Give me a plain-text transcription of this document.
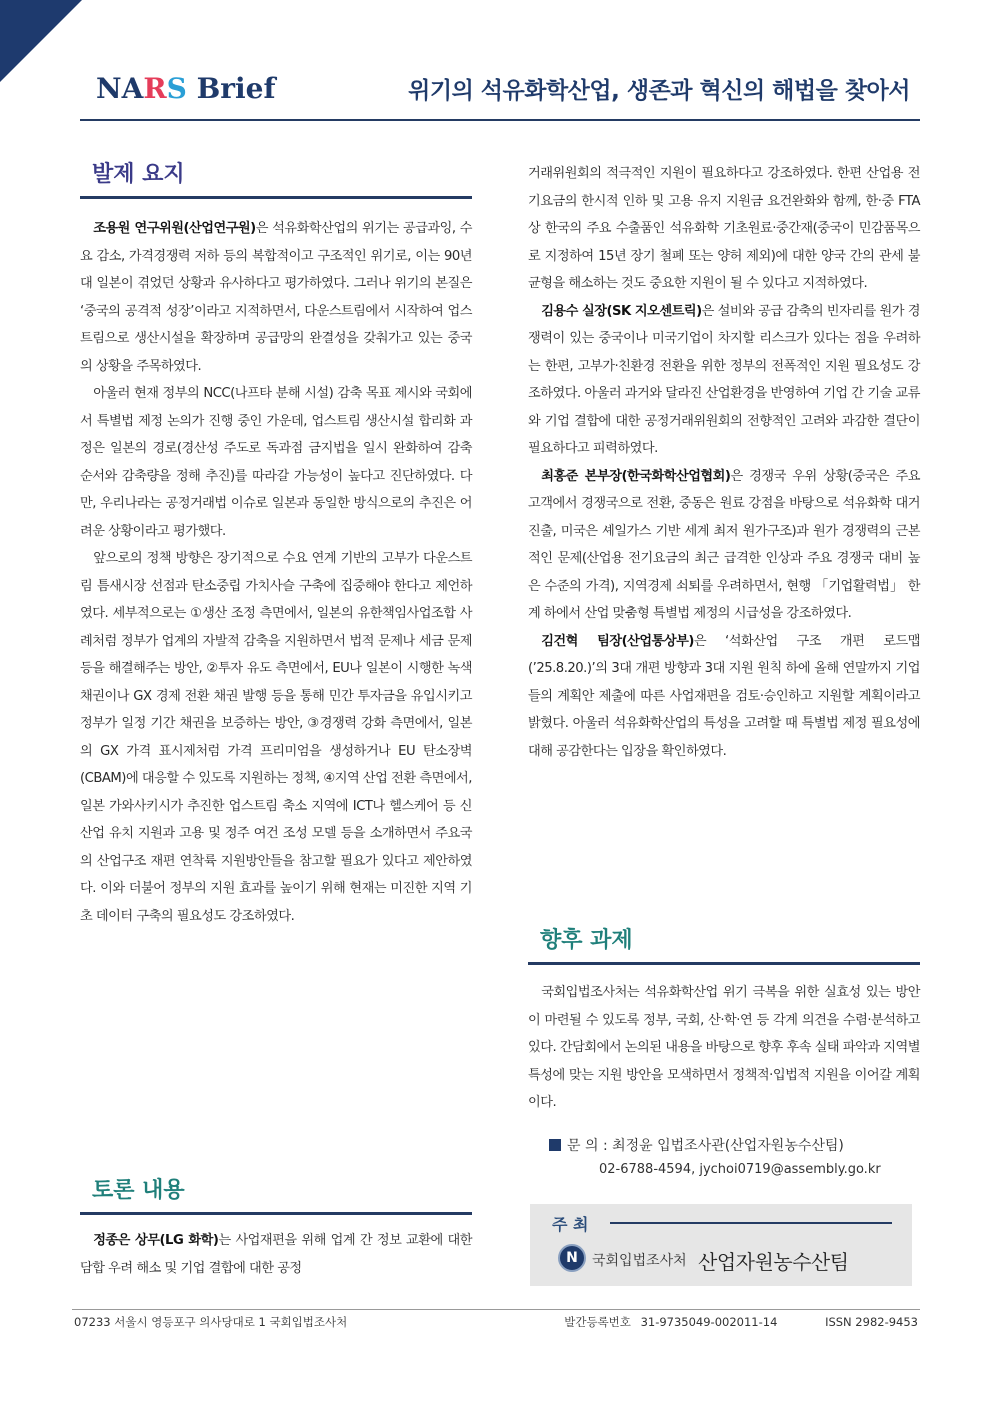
NARS Brief	위기의 석유화학산업, 생존과 혁신의 해법을 찾아서
발제 요지

조용원 연구위원(산업연구원)은 석유화학산업의 위기는 공급과잉, 수요 감소, 가격경쟁력 저하 등의 복합적이고 구조적인 위기로, 이는 90년대 일본이 겪었던 상황과 유사하다고 평가하였다. 그러나 위기의 본질은 ‘중국의 공격적 성장’이라고 지적하면서, 다운스트림에서 시작하여 업스트림으로 생산시설을 확장하며 공급망의 완결성을 갖춰가고 있는 중국의 상황을 주목하였다.

아울러 현재 정부의 NCC(나프타 분해 시설) 감축 목표 제시와 국회에서 특별법 제정 논의가 진행 중인 가운데, 업스트림 생산시설 합리화 과정은 일본의 경로(경산성 주도로 독과점 금지법을 일시 완화하여 감축 순서와 감축량을 정해 추진)를 따라갈 가능성이 높다고 진단하였다. 다만, 우리나라는 공정거래법 이슈로 일본과 동일한 방식으로의 추진은 어려운 상황이라고 평가했다.

앞으로의 정책 방향은 장기적으로 수요 연계 기반의 고부가 다운스트림 틈새시장 선점과 탄소중립 가치사슬 구축에 집중해야 한다고 제언하였다. 세부적으로는 ①생산 조정 측면에서, 일본의 유한책임사업조합 사례처럼 정부가 업계의 자발적 감축을 지원하면서 법적 문제나 세금 문제 등을 해결해주는 방안, ②투자 유도 측면에서, EU나 일본이 시행한 녹색 채권이나 GX 경제 전환 채권 발행 등을 통해 민간 투자금을 유입시키고 정부가 일정 기간 채권을 보증하는 방안, ③경쟁력 강화 측면에서, 일본의 GX 가격 표시제처럼 가격 프리미엄을 생성하거나 EU 탄소장벽(CBAM)에 대응할 수 있도록 지원하는 정책, ④지역 산업 전환 측면에서, 일본 가와사키시가 추진한 업스트림 축소 지역에 ICT나 헬스케어 등 신산업 유치 지원과 고용 및 정주 여건 조성 모델 등을 소개하면서 주요국의 산업구조 재편 연착륙 지원방안들을 참고할 필요가 있다고 제안하였다. 이와 더불어 정부의 지원 효과를 높이기 위해 현재는 미진한 지역 기초 데이터 구축의 필요성도 강조하였다.

토론 내용

정종은 상무(LG 화학)는 사업재편을 위해 업계 간 정보 교환에 대한 담합 우려 해소 및 기업 결합에 대한 공정

거래위원회의 적극적인 지원이 필요하다고 강조하였다. 한편 산업용 전기요금의 한시적 인하 및 고용 유지 지원금 요건완화와 함께, 한·중 FTA 상 한국의 주요 수출품인 석유화학 기초원료·중간재(중국이 민감품목으로 지정하여 15년 장기 철폐 또는 양허 제외)에 대한 양국 간의 관세 불균형을 해소하는 것도 중요한 지원이 될 수 있다고 지적하였다.

김용수 실장(SK 지오센트릭)은 설비와 공급 감축의 빈자리를 원가 경쟁력이 있는 중국이나 미국기업이 차지할 리스크가 있다는 점을 우려하는 한편, 고부가·친환경 전환을 위한 정부의 전폭적인 지원 필요성도 강조하였다. 아울러 과거와 달라진 산업환경을 반영하여 기업 간 기술 교류와 기업 결합에 대한 공정거래위원회의 전향적인 고려와 과감한 결단이 필요하다고 피력하였다.

최홍준 본부장(한국화학산업협회)은 경쟁국 우위 상황(중국은 주요 고객에서 경쟁국으로 전환, 중동은 원료 강점을 바탕으로 석유화학 대거 진출, 미국은 셰일가스 기반 세계 최저 원가구조)과 원가 경쟁력의 근본적인 문제(산업용 전기요금의 최근 급격한 인상과 주요 경쟁국 대비 높은 수준의 가격), 지역경제 쇠퇴를 우려하면서, 현행 「기업활력법」 한계 하에서 산업 맞춤형 특별법 제정의 시급성을 강조하였다.

김건혁 팀장(산업통상부)은 ‘석화산업 구조 개편 로드맵(’25.8.20.)’의 3대 개편 방향과 3대 지원 원칙 하에 올해 연말까지 기업들의 계획안 제출에 따른 사업재편을 검토·승인하고 지원할 계획이라고 밝혔다. 아울러 석유화학산업의 특성을 고려할 때 특별법 제정 필요성에 대해 공감한다는 입장을 확인하였다.

향후 과제

국회입법조사처는 석유화학산업 위기 극복을 위한 실효성 있는 방안이 마련될 수 있도록 정부, 국회, 산·학·연 등 각계 의견을 수렴·분석하고 있다. 간담회에서 논의된 내용을 바탕으로 향후 후속 실태 파악과 지역별 특성에 맞는 지원 방안을 모색하면서 정책적·입법적 지원을 이어갈 계획이다.

문 의 : 최정윤 입법조사관(산업자원농수산팀)
02-6788-4594, jychoi0719@assembly.go.kr
주 최
N	국회입법조사처 산업자원농수산팀
07233 서울시 영등포구 의사당대로 1 국회입법조사처	발간등록번호 31-9735049-002011-14	ISSN 2982-9453
